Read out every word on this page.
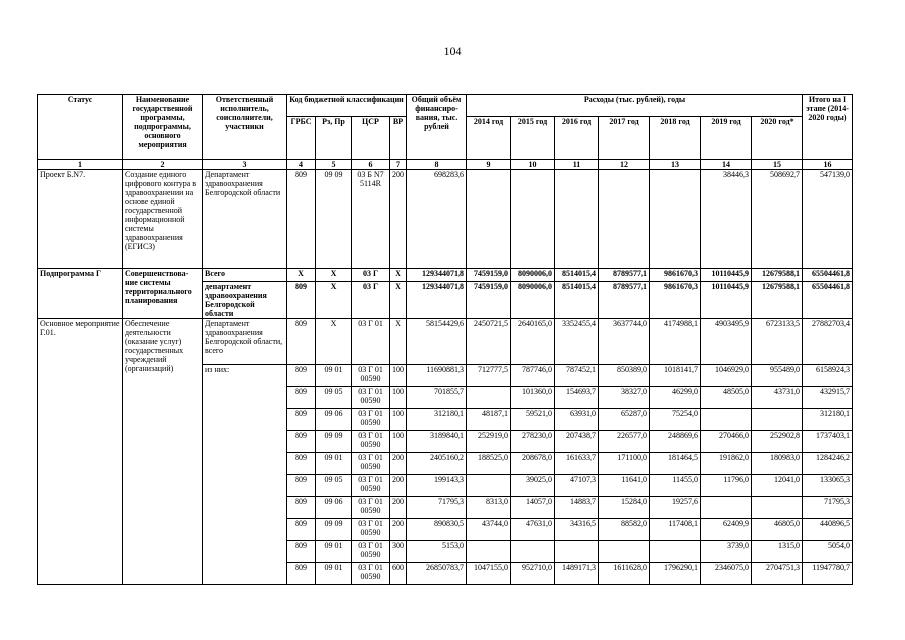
104
Статус	Наименование государственной программы, подпрограммы, основного мероприятия	Ответственный исполнитель, соисполнители, участники	Код бюджетной классификации				Общий объём финансиро-вания, тыс. рублей	Расходы (тыс. рублей), годы							Итого на I этапе (2014-2020 годы)
			ГРБС	Рз, Пр	ЦСР	ВР		2014 год	2015 год	2016 год	2017 год	2018 год	2019 год	2020 год*	
1	2	3	4	5	6	7	8	9	10	11	12	13	14	15	16
Проект Б.N7.	Создание единого цифрового контура в здравоохранении на основе единой государственной информационной системы здравоохранения (ЕГИСЗ)	Департамент здравоохранения Белгородской области	809	09 09	03 Б N7 5114R	200	698283,6						38446,3	508692,7	547139,0
Подпрограмма Г	Совершенствова-ние системы территориального планирования	Всего	Х	Х	03 Г	Х	129344071,8	7459159,0	8090006,0	8514015,4	8789577,1	9861670,3	10110445,9	12679588,1	65504461,8
		департамент здравоохранения Белгородской области	809	Х	03 Г	Х	129344071,8	7459159,0	8090006,0	8514015,4	8789577,1	9861670,3	10110445,9	12679588,1	65504461,8
Основное мероприятие Г.01.	Обеспечение деятельности (оказание услуг) государственных учреждений (организаций)	Департамент здравоохранения Белгородской области, всего	809	Х	03 Г 01	Х	58154429,6	2450721,5	2640165,0	3352455,4	3637744,0	4174988,1	4903495,9	6723133,5	27882703,4
		из них:	809	09 01	03 Г 01 00590	100	11690881,3	712777,5	787746,0	787452,1	850389,0	1018141,7	1046929,0	955489,0	6158924,3
			809	09 05	03 Г 01 00590	100	701855,7		101360,0	154693,7	38327,0	46299,0	48505,0	43731,0	432915,7
			809	09 06	03 Г 01 00590	100	312180,1	48187,1	59521,0	63931,0	65287,0	75254,0			312180,1
			809	09 09	03 Г 01 00590	100	3189840,1	252919,0	278230,0	207438,7	226577,0	248869,6	270466,0	252902,8	1737403,1
			809	09 01	03 Г 01 00590	200	2405160,2	188525,0	208678,0	161633,7	171100,0	181464,5	191862,0	180983,0	1284246,2
			809	09 05	03 Г 01 00590	200	199143,3		39025,0	47107,3	11641,0	11455,0	11796,0	12041,0	133065,3
			809	09 06	03 Г 01 00590	200	71795,3	8313,0	14057,0	14883,7	15284,0	19257,6			71795,3
			809	09 09	03 Г 01 00590	200	890830,5	43744,0	47631,0	34316,5	88582,0	117408,1	62409,9	46805,0	440896,5
			809	09 01	03 Г 01 00590	300	5153,0						3739,0	1315,0	5054,0
			809	09 01	03 Г 01 00590	600	26850783,7	1047155,0	952710,0	1489171,3	1611628,0	1796290,1	2346075,0	2704751,3	11947780,7
